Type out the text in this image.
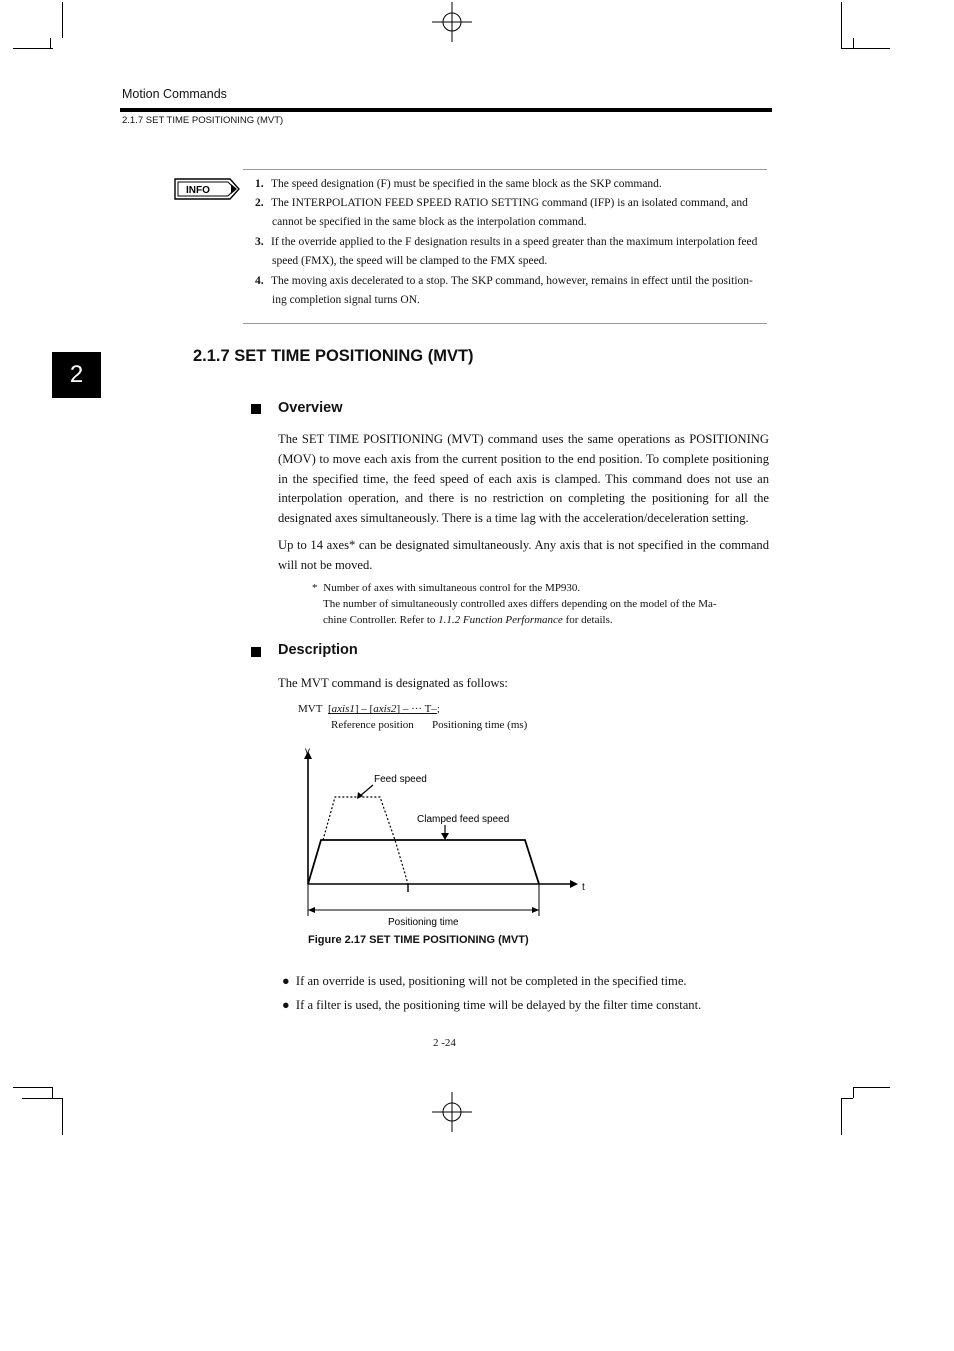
Motion Commands
2.1.7 SET TIME POSITIONING (MVT)
2
INFO
1. The speed designation (F) must be specified in the same block as the SKP command.
2. The INTERPOLATION FEED SPEED RATIO SETTING command (IFP) is an isolated command, and
cannot be specified in the same block as the interpolation command.
3. If the override applied to the F designation results in a speed greater than the maximum interpolation feed
speed (FMX), the speed will be clamped to the FMX speed.
4. The moving axis decelerated to a stop. The SKP command, however, remains in effect until the position-
ing completion signal turns ON.
2.1.7 SET TIME POSITIONING (MVT)
Overview
The SET TIME POSITIONING (MVT) command uses the same operations as POSITIONING (MOV) to move each axis from the current position to the end position. To complete positioning in the specified time, the feed speed of each axis is clamped. This command does not use an interpolation operation, and there is no restriction on completing the positioning for all the designated axes simultaneously. There is a time lag with the acceleration/deceleration setting.
Up to 14 axes* can be designated simultaneously. Any axis that is not specified in the command will not be moved.
* Number of axes with simultaneous control for the MP930.
The number of simultaneously controlled axes differs depending on the model of the Ma-
chine Controller. Refer to 1.1.2 Function Performance for details.
Description
The MVT command is designated as follows:
MVT [axis1] – [axis2] – ··· T–;
Reference position Positioning time (ms)
v
t
Feed speed
Clamped feed speed
Positioning time
Figure 2.17 SET TIME POSITIONING (MVT)
● If an override is used, positioning will not be completed in the specified time.
● If a filter is used, the positioning time will be delayed by the filter time constant.
2 -24
